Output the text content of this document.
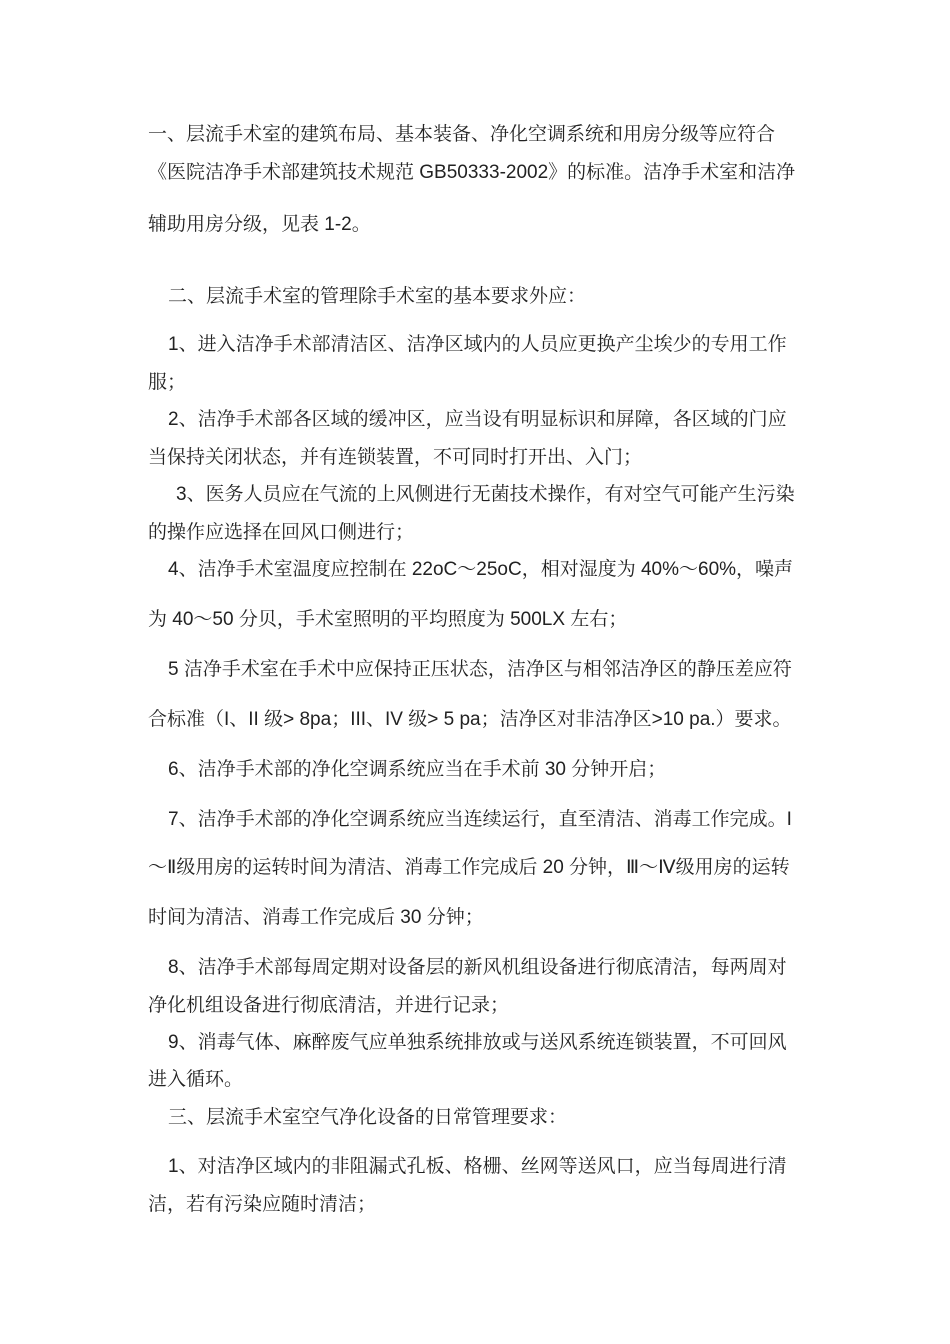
一、层流手术室的建筑布局、基本装备、净化空调系统和用房分级等应符合
《医院洁净手术部建筑技术规范 GB50333-2002》的标准。洁净手术室和洁净
辅助用房分级，见表 1-2。
二、层流手术室的管理除手术室的基本要求外应：
1、进入洁净手术部清洁区、洁净区域内的人员应更换产尘埃少的专用工作
服；
2、洁净手术部各区域的缓冲区，应当设有明显标识和屏障，各区域的门应
当保持关闭状态，并有连锁装置，不可同时打开出、入门；
3、医务人员应在气流的上风侧进行无菌技术操作，有对空气可能产生污染
的操作应选择在回风口侧进行；
4、洁净手术室温度应控制在 22oC～25oC，相对湿度为 40%～60%，噪声
为 40～50 分贝，手术室照明的平均照度为 500LX 左右；
5 洁净手术室在手术中应保持正压状态，洁净区与相邻洁净区的静压差应符
合标准（I、II 级> 8pa；III、IV 级> 5 pa；洁净区对非洁净区>10 pa.）要求。
6、洁净手术部的净化空调系统应当在手术前 30 分钟开启；
7、洁净手术部的净化空调系统应当连续运行，直至清洁、消毒工作完成。I
～Ⅱ级用房的运转时间为清洁、消毒工作完成后 20 分钟，Ⅲ～Ⅳ级用房的运转
时间为清洁、消毒工作完成后 30 分钟；
8、洁净手术部每周定期对设备层的新风机组设备进行彻底清洁，每两周对
净化机组设备进行彻底清洁，并进行记录；
9、消毒气体、麻醉废气应单独系统排放或与送风系统连锁装置，不可回风
进入循环。
三、层流手术室空气净化设备的日常管理要求：
1、对洁净区域内的非阻漏式孔板、格栅、丝网等送风口，应当每周进行清
洁，若有污染应随时清洁；
